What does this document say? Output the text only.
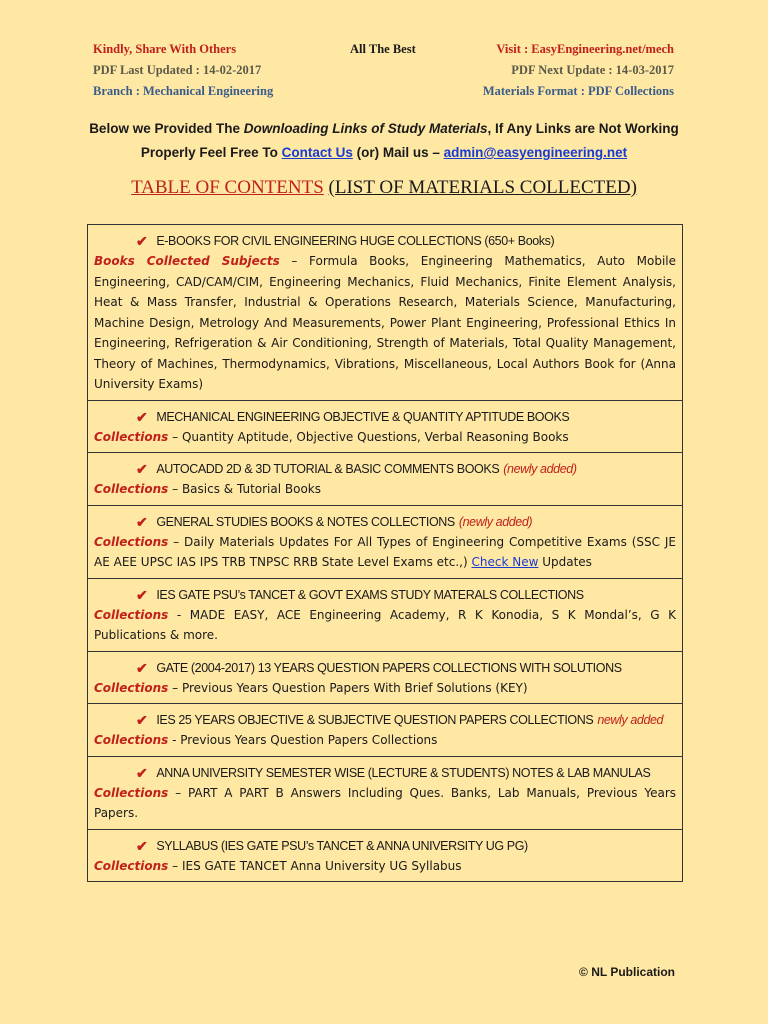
Kindly, Share With Others	All The Best	Visit : EasyEngineering.net/mech
PDF Last Updated : 14-02-2017	PDF Next Update : 14-03-2017
Branch : Mechanical Engineering	Materials Format : PDF Collections
Below we Provided The Downloading Links of Study Materials, If Any Links are Not Working Properly Feel Free To Contact Us (or) Mail us – admin@easyengineering.net
TABLE OF CONTENTS (LIST OF MATERIALS COLLECTED)
✔ E-BOOKS FOR CIVIL ENGINEERING HUGE COLLECTIONS (650+ Books)
Books Collected Subjects – Formula Books, Engineering Mathematics, Auto Mobile Engineering, CAD/CAM/CIM, Engineering Mechanics, Fluid Mechanics, Finite Element Analysis, Heat & Mass Transfer, Industrial & Operations Research, Materials Science, Manufacturing, Machine Design, Metrology And Measurements, Power Plant Engineering, Professional Ethics In Engineering, Refrigeration & Air Conditioning, Strength of Materials, Total Quality Management, Theory of Machines, Thermodynamics, Vibrations, Miscellaneous, Local Authors Book for (Anna University Exams)
✔ MECHANICAL ENGINEERING OBJECTIVE & QUANTITY APTITUDE BOOKS
Collections – Quantity Aptitude, Objective Questions, Verbal Reasoning Books
✔ AUTOCADD 2D & 3D TUTORIAL & BASIC COMMENTS BOOKS (newly added)
Collections – Basics & Tutorial Books
✔ GENERAL STUDIES BOOKS & NOTES COLLECTIONS (newly added)
Collections – Daily Materials Updates For All Types of Engineering Competitive Exams (SSC JE AE AEE UPSC IAS IPS TRB TNPSC RRB State Level Exams etc.,) Check New Updates
✔ IES GATE PSU’s TANCET & GOVT EXAMS STUDY MATERALS COLLECTIONS
Collections - MADE EASY, ACE Engineering Academy, R K Konodia, S K Mondal’s, G K Publications & more.
✔ GATE (2004-2017) 13 YEARS QUESTION PAPERS COLLECTIONS WITH SOLUTIONS
Collections – Previous Years Question Papers With Brief Solutions (KEY)
✔ IES 25 YEARS OBJECTIVE & SUBJECTIVE QUESTION PAPERS COLLECTIONS newly added
Collections - Previous Years Question Papers Collections
✔ ANNA UNIVERSITY SEMESTER WISE (LECTURE & STUDENTS) NOTES & LAB MANULAS
Collections – PART A PART B Answers Including Ques. Banks, Lab Manuals, Previous Years Papers.
✔ SYLLABUS (IES GATE PSU’s TANCET & ANNA UNIVERSITY UG PG)
Collections – IES GATE TANCET Anna University UG Syllabus
© NL Publication
